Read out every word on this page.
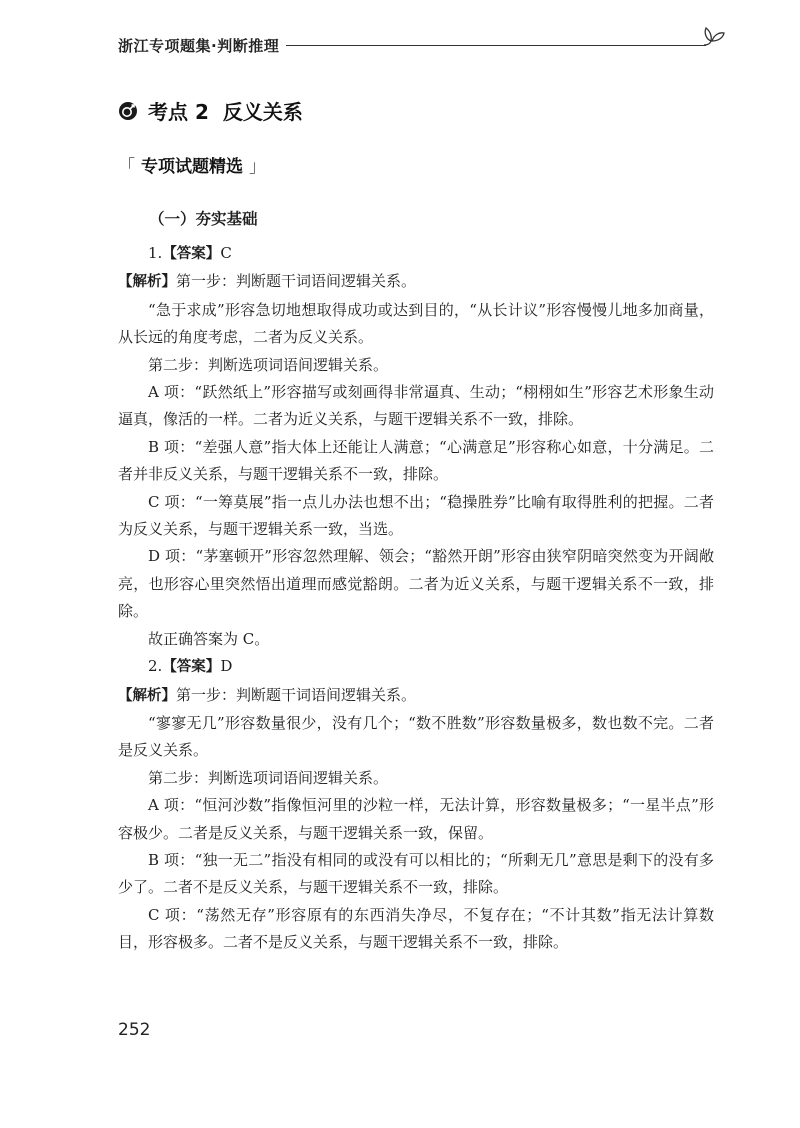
浙江专项题集·判断推理
考点 2 反义关系
「 专项试题精选 」

（一）夯实基础

1.【答案】C

【解析】第一步：判断题干词语间逻辑关系。

“急于求成”形容急切地想取得成功或达到目的，“从长计议”形容慢慢儿地多加商量，从长远的角度考虑，二者为反义关系。

第二步：判断选项词语间逻辑关系。

A 项：“跃然纸上”形容描写或刻画得非常逼真、生动；“栩栩如生”形容艺术形象生动逼真，像活的一样。二者为近义关系，与题干逻辑关系不一致，排除。

B 项：“差强人意”指大体上还能让人满意；“心满意足”形容称心如意，十分满足。二者并非反义关系，与题干逻辑关系不一致，排除。

C 项：“一筹莫展”指一点儿办法也想不出；“稳操胜券”比喻有取得胜利的把握。二者为反义关系，与题干逻辑关系一致，当选。

D 项：“茅塞顿开”形容忽然理解、领会；“豁然开朗”形容由狭窄阴暗突然变为开阔敞亮，也形容心里突然悟出道理而感觉豁朗。二者为近义关系，与题干逻辑关系不一致，排除。

故正确答案为 C。

2.【答案】D

【解析】第一步：判断题干词语间逻辑关系。

“寥寥无几”形容数量很少，没有几个；“数不胜数”形容数量极多，数也数不完。二者是反义关系。

第二步：判断选项词语间逻辑关系。

A 项：“恒河沙数”指像恒河里的沙粒一样，无法计算，形容数量极多；“一星半点”形容极少。二者是反义关系，与题干逻辑关系一致，保留。

B 项：“独一无二”指没有相同的或没有可以相比的；“所剩无几”意思是剩下的没有多少了。二者不是反义关系，与题干逻辑关系不一致，排除。

C 项：“荡然无存”形容原有的东西消失净尽，不复存在；“不计其数”指无法计算数目，形容极多。二者不是反义关系，与题干逻辑关系不一致，排除。

252
